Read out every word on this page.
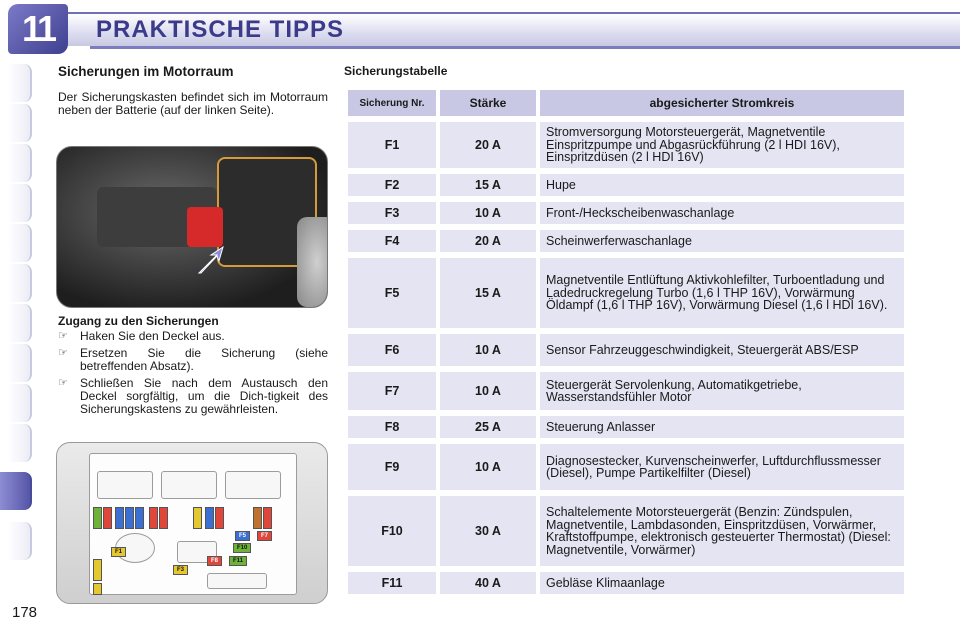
11	PRAKTISCHE TIPPS
Sicherungen im Motorraum

Der Sicherungskasten befindet sich im Motorraum neben der Batterie (auf der linken Seite).

Zugang zu den Sicherungen
☞ Haken Sie den Deckel aus.
☞ Ersetzen Sie die Sicherung (siehe betreffenden Absatz).
☞ Schließen Sie nach dem Austausch den Deckel sorgfältig, um die Dich-tigkeit des Sicherungskastens zu gewährleisten.
F5	F7
F10
F11
F8
F1
F3
178
Sicherungstabelle
Sicherung Nr.	Stärke	abgesicherter Stromkreis
F1	20 A	Stromversorgung Motorsteuergerät, Magnetventile Einspritzpumpe und Abgasrückführung (2 l HDI 16V), Einspritzdüsen (2 l HDI 16V)
F2	15 A	Hupe
F3	10 A	Front-/Heckscheibenwaschanlage
F4	20 A	Scheinwerferwaschanlage
F5	15 A	Magnetventile Entlüftung Aktivkohlefilter, Turboentladung und Ladedruckregelung Turbo (1,6 l THP 16V), Vorwärmung Öldampf (1,6 l THP 16V), Vorwärmung Diesel (1,6 l HDI 16V).
F6	10 A	Sensor Fahrzeuggeschwindigkeit, Steuergerät ABS/ESP
F7	10 A	Steuergerät Servolenkung, Automatikgetriebe, Wasserstandsfühler Motor
F8	25 A	Steuerung Anlasser
F9	10 A	Diagnosestecker, Kurvenscheinwerfer, Luftdurchflussmesser (Diesel), Pumpe Partikelfilter (Diesel)
F10	30 A	Schaltelemente Motorsteuergerät (Benzin: Zündspulen, Magnetventile, Lambdasonden, Einspritzdüsen, Vorwärmer, Kraftstoffpumpe, elektronisch gesteuerter Thermostat) (Diesel: Magnetventile, Vorwärmer)
F11	40 A	Gebläse Klimaanlage
